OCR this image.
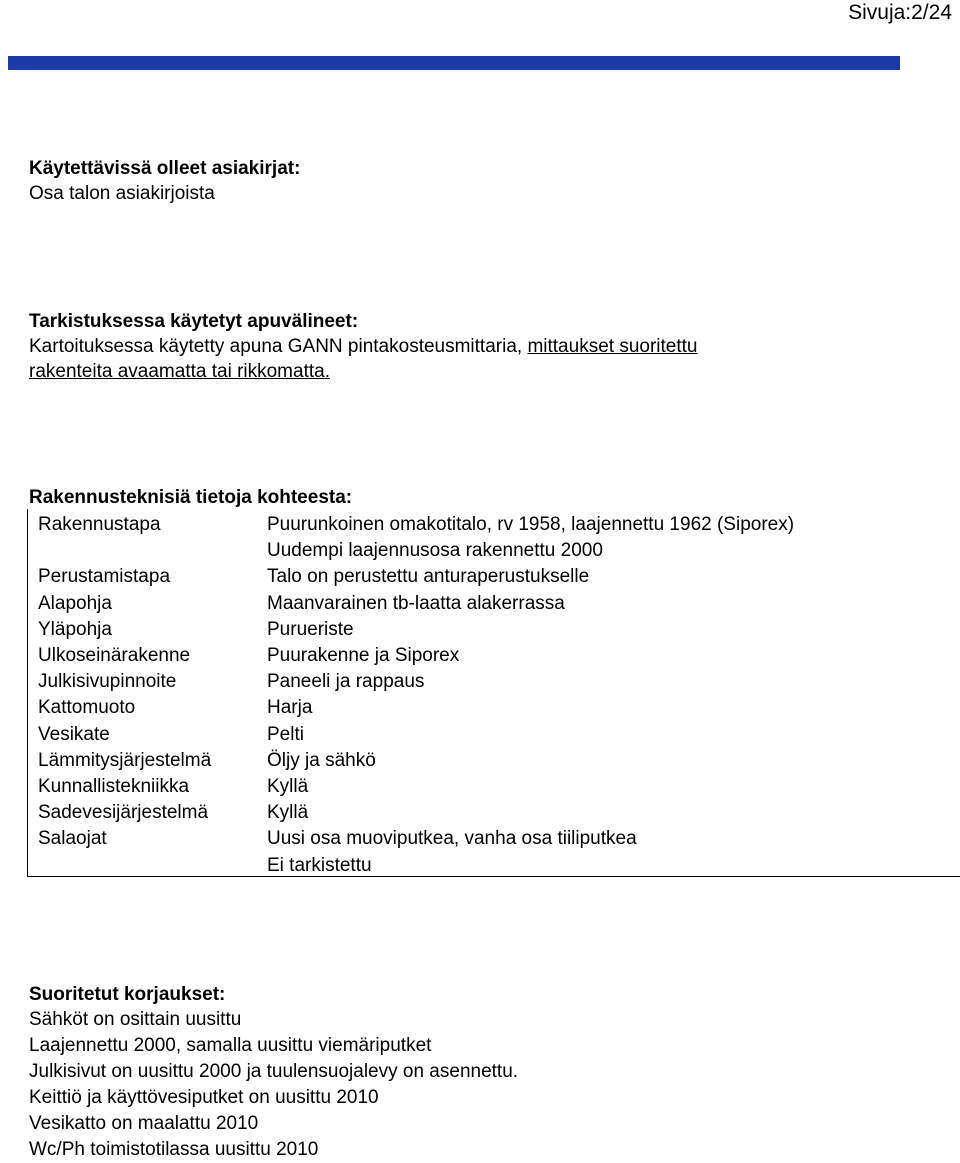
Sivuja:2/24
Käytettävissä olleet asiakirjat:
Osa talon asiakirjoista
Tarkistuksessa käytetyt apuvälineet:
Kartoituksessa käytetty apuna GANN pintakosteusmittaria, mittaukset suoritettu
rakenteita avaamatta tai rikkomatta.
Rakennusteknisiä tietoja kohteesta:
Rakennustapa	Puurunkoinen omakotitalo, rv 1958, laajennettu 1962 (Siporex)
Uudempi laajennusosa rakennettu 2000
Perustamistapa	Talo on perustettu anturaperustukselle
Alapohja	Maanvarainen tb-laatta alakerrassa
Yläpohja	Purueriste
Ulkoseinärakenne	Puurakenne ja Siporex
Julkisivupinnoite	Paneeli ja rappaus
Kattomuoto	Harja
Vesikate	Pelti
Lämmitysjärjestelmä	Öljy ja sähkö
Kunnallistekniikka	Kyllä
Sadevesijärjestelmä	Kyllä
Salaojat	Uusi osa muoviputkea, vanha osa tiiliputkea
Ei tarkistettu
Suoritetut korjaukset:
Sähköt on osittain uusittu
Laajennettu 2000, samalla uusittu viemäriputket
Julkisivut on uusittu 2000 ja tuulensuojalevy on asennettu.
Keittiö ja käyttövesiputket on uusittu 2010
Vesikatto on maalattu 2010
Wc/Ph toimistotilassa uusittu 2010
